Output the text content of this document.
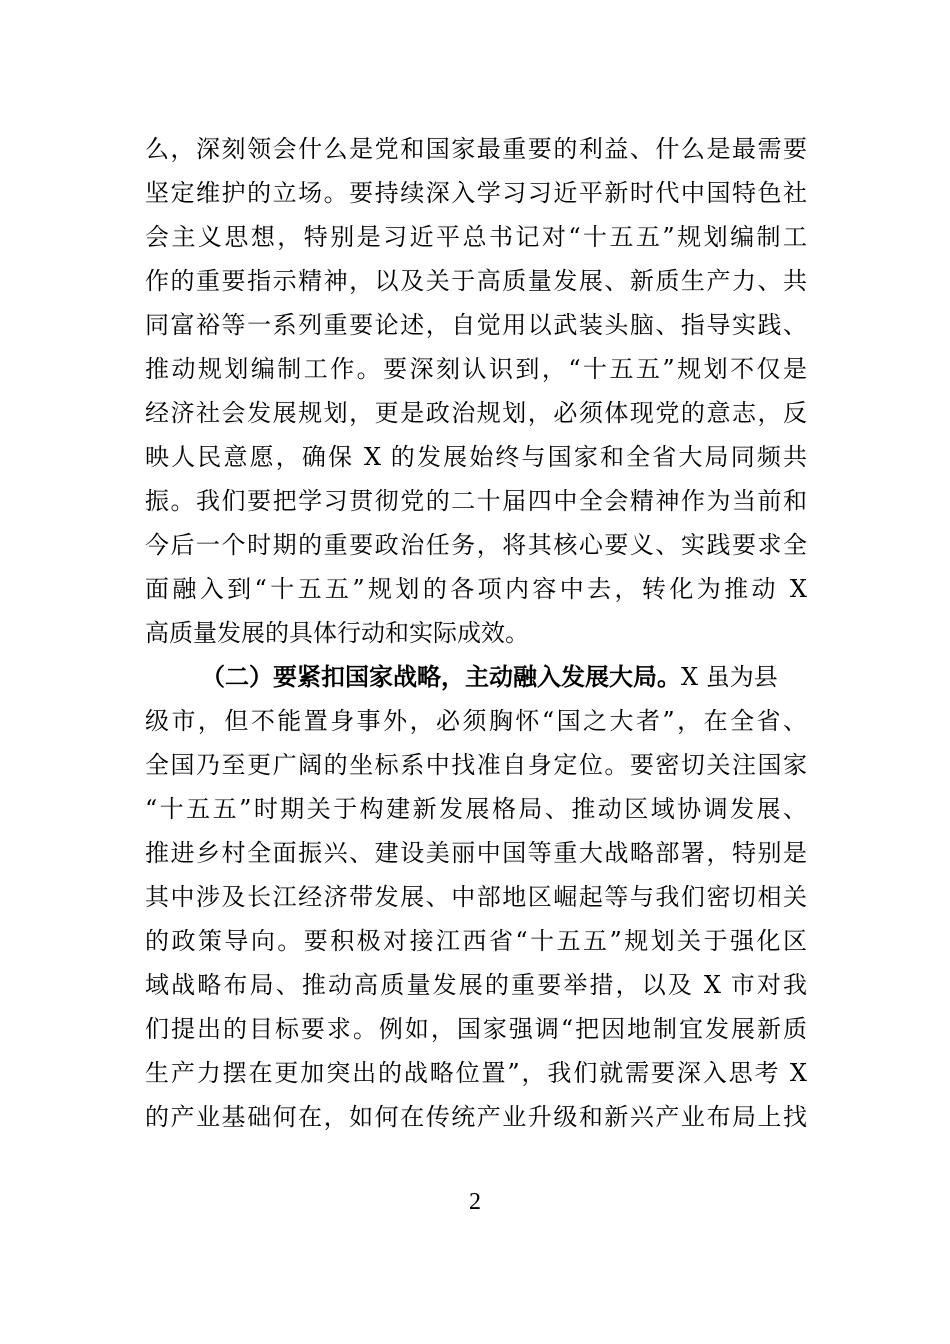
么，深刻领会什么是党和国家最重要的利益、什么是最需要
坚定维护的立场。要持续深入学习习近平新时代中国特色社
会主义思想，特别是习近平总书记对“十五五”规划编制工
作的重要指示精神，以及关于高质量发展、新质生产力、共
同富裕等一系列重要论述，自觉用以武装头脑、指导实践、
推动规划编制工作。要深刻认识到，“十五五”规划不仅是
经济社会发展规划，更是政治规划，必须体现党的意志，反
映人民意愿，确保 X 的发展始终与国家和全省大局同频共
振。我们要把学习贯彻党的二十届四中全会精神作为当前和
今后一个时期的重要政治任务，将其核心要义、实践要求全
面融入到“十五五”规划的各项内容中去，转化为推动 X
高质量发展的具体行动和实际成效。
（二）要紧扣国家战略，主动融入发展大局。X 虽为县
级市，但不能置身事外，必须胸怀“国之大者”，在全省、
全国乃至更广阔的坐标系中找准自身定位。要密切关注国家
“十五五”时期关于构建新发展格局、推动区域协调发展、
推进乡村全面振兴、建设美丽中国等重大战略部署，特别是
其中涉及长江经济带发展、中部地区崛起等与我们密切相关
的政策导向。要积极对接江西省“十五五”规划关于强化区
域战略布局、推动高质量发展的重要举措，以及 X 市对我
们提出的目标要求。例如，国家强调“把因地制宜发展新质
生产力摆在更加突出的战略位置”，我们就需要深入思考 X
的产业基础何在，如何在传统产业升级和新兴产业布局上找
2
